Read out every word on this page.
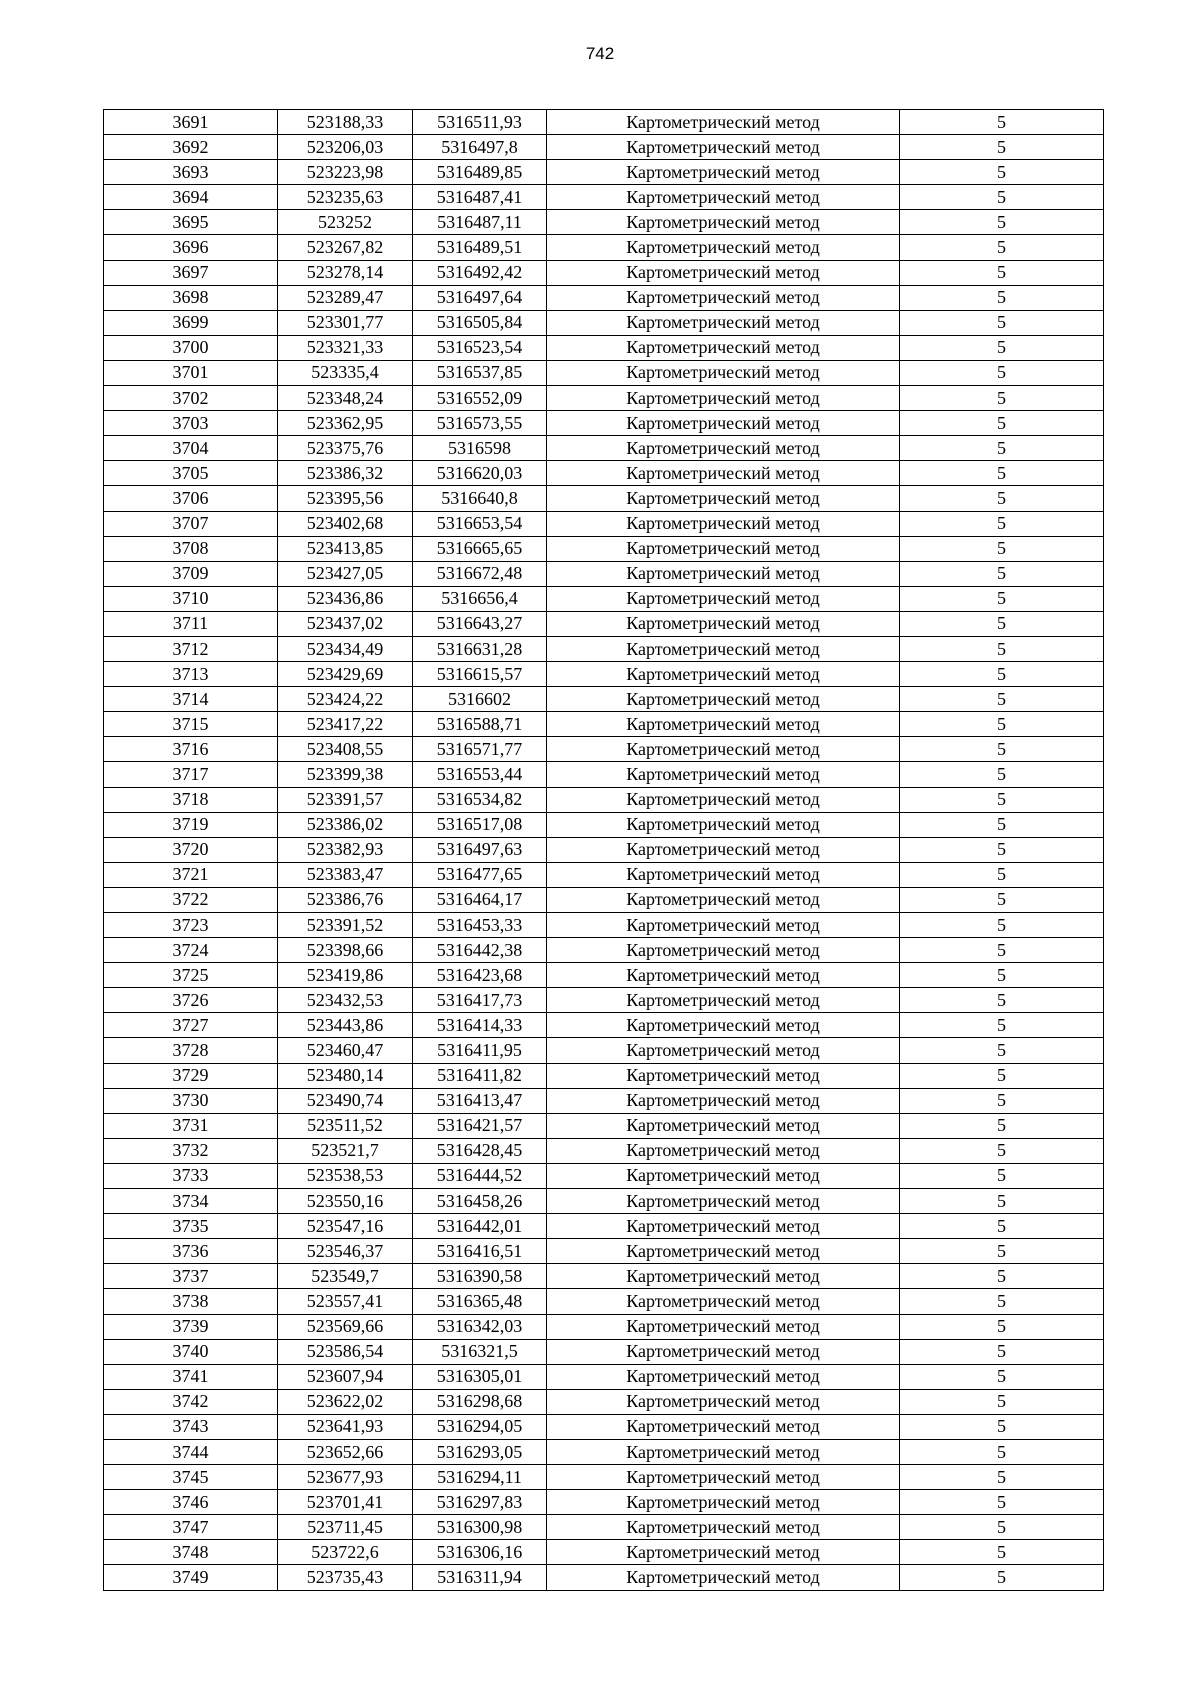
742
3691	523188,33	5316511,93	Картометрический метод	5
3692	523206,03	5316497,8	Картометрический метод	5
3693	523223,98	5316489,85	Картометрический метод	5
3694	523235,63	5316487,41	Картометрический метод	5
3695	523252	5316487,11	Картометрический метод	5
3696	523267,82	5316489,51	Картометрический метод	5
3697	523278,14	5316492,42	Картометрический метод	5
3698	523289,47	5316497,64	Картометрический метод	5
3699	523301,77	5316505,84	Картометрический метод	5
3700	523321,33	5316523,54	Картометрический метод	5
3701	523335,4	5316537,85	Картометрический метод	5
3702	523348,24	5316552,09	Картометрический метод	5
3703	523362,95	5316573,55	Картометрический метод	5
3704	523375,76	5316598	Картометрический метод	5
3705	523386,32	5316620,03	Картометрический метод	5
3706	523395,56	5316640,8	Картометрический метод	5
3707	523402,68	5316653,54	Картометрический метод	5
3708	523413,85	5316665,65	Картометрический метод	5
3709	523427,05	5316672,48	Картометрический метод	5
3710	523436,86	5316656,4	Картометрический метод	5
3711	523437,02	5316643,27	Картометрический метод	5
3712	523434,49	5316631,28	Картометрический метод	5
3713	523429,69	5316615,57	Картометрический метод	5
3714	523424,22	5316602	Картометрический метод	5
3715	523417,22	5316588,71	Картометрический метод	5
3716	523408,55	5316571,77	Картометрический метод	5
3717	523399,38	5316553,44	Картометрический метод	5
3718	523391,57	5316534,82	Картометрический метод	5
3719	523386,02	5316517,08	Картометрический метод	5
3720	523382,93	5316497,63	Картометрический метод	5
3721	523383,47	5316477,65	Картометрический метод	5
3722	523386,76	5316464,17	Картометрический метод	5
3723	523391,52	5316453,33	Картометрический метод	5
3724	523398,66	5316442,38	Картометрический метод	5
3725	523419,86	5316423,68	Картометрический метод	5
3726	523432,53	5316417,73	Картометрический метод	5
3727	523443,86	5316414,33	Картометрический метод	5
3728	523460,47	5316411,95	Картометрический метод	5
3729	523480,14	5316411,82	Картометрический метод	5
3730	523490,74	5316413,47	Картометрический метод	5
3731	523511,52	5316421,57	Картометрический метод	5
3732	523521,7	5316428,45	Картометрический метод	5
3733	523538,53	5316444,52	Картометрический метод	5
3734	523550,16	5316458,26	Картометрический метод	5
3735	523547,16	5316442,01	Картометрический метод	5
3736	523546,37	5316416,51	Картометрический метод	5
3737	523549,7	5316390,58	Картометрический метод	5
3738	523557,41	5316365,48	Картометрический метод	5
3739	523569,66	5316342,03	Картометрический метод	5
3740	523586,54	5316321,5	Картометрический метод	5
3741	523607,94	5316305,01	Картометрический метод	5
3742	523622,02	5316298,68	Картометрический метод	5
3743	523641,93	5316294,05	Картометрический метод	5
3744	523652,66	5316293,05	Картометрический метод	5
3745	523677,93	5316294,11	Картометрический метод	5
3746	523701,41	5316297,83	Картометрический метод	5
3747	523711,45	5316300,98	Картометрический метод	5
3748	523722,6	5316306,16	Картометрический метод	5
3749	523735,43	5316311,94	Картометрический метод	5
